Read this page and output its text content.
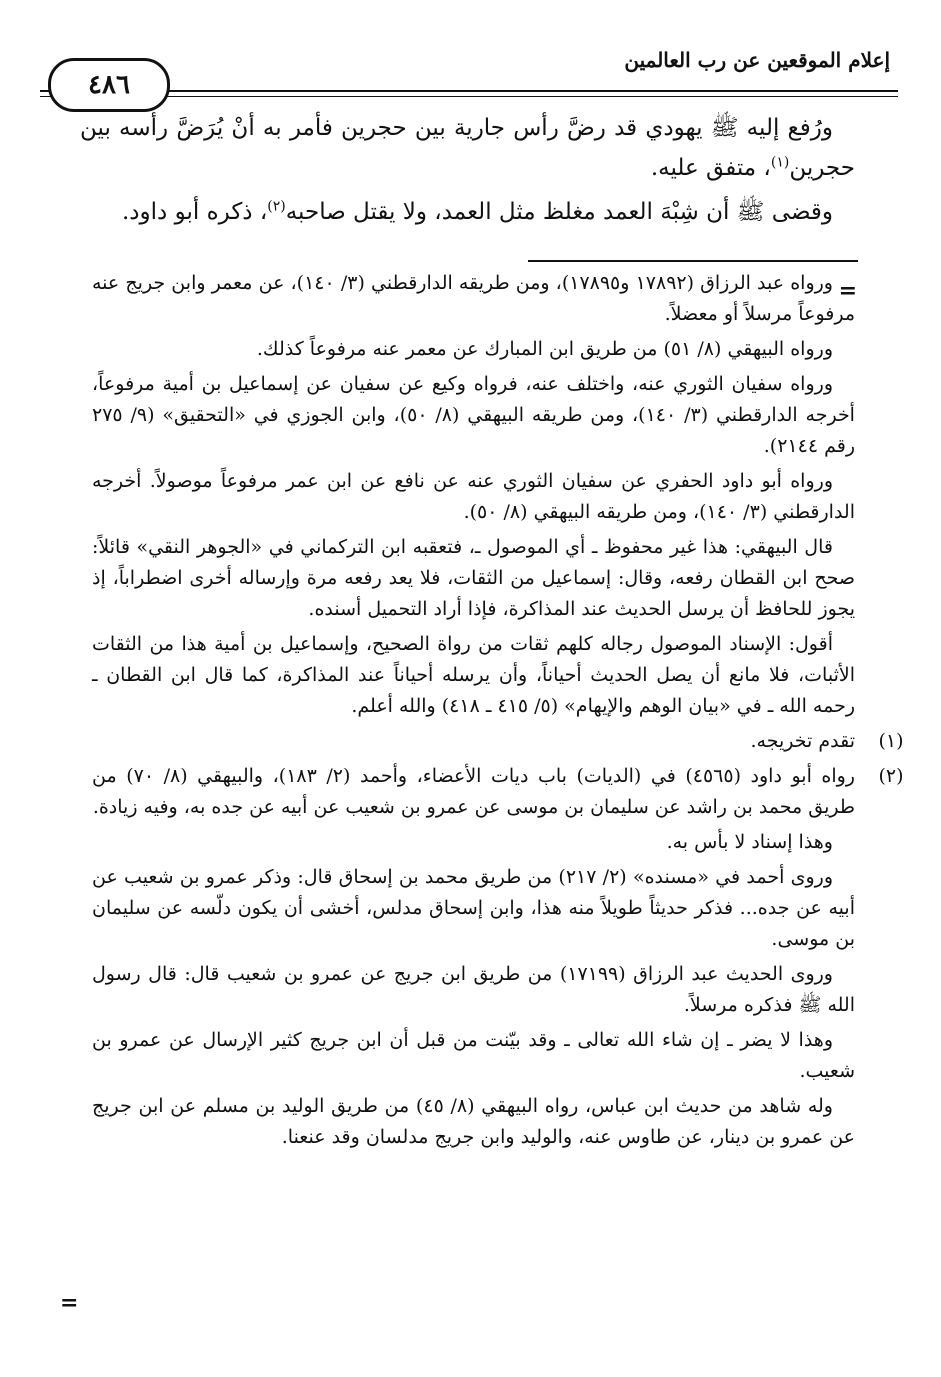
إعلام الموقعين عن رب العالمين
٤٨٦

ورُفع إليه ﷺ يهودي قد رضَّ رأس جارية بين حجرين فأمر به أنْ يُرَضَّ رأسه بين حجرين$^{(١)}$، متفق عليه.

وقضى ﷺ أن شِبْهَ العمد مغلظ مثل العمد، ولا يقتل صاحبه$^{(٢)}$، ذكره أبو داود.

=

ورواه عبد الرزاق (١٧٨٩٢ و١٧٨٩٥)، ومن طريقه الدارقطني (٣/ ١٤٠)، عن معمر وابن جريج عنه مرفوعاً مرسلاً أو معضلاً.

ورواه البيهقي (٨/ ٥١) من طريق ابن المبارك عن معمر عنه مرفوعاً كذلك.

ورواه سفيان الثوري عنه، واختلف عنه، فرواه وكيع عن سفيان عن إسماعيل بن أمية مرفوعاً، أخرجه الدارقطني (٣/ ١٤٠)، ومن طريقه البيهقي (٨/ ٥٠)، وابن الجوزي في «التحقيق» (٩/ ٢٧٥ رقم ٢١٤٤).

ورواه أبو داود الحفري عن سفيان الثوري عنه عن نافع عن ابن عمر مرفوعاً موصولاً. أخرجه الدارقطني (٣/ ١٤٠)، ومن طريقه البيهقي (٨/ ٥٠).

قال البيهقي: هذا غير محفوظ ـ أي الموصول ـ، فتعقبه ابن التركماني في «الجوهر النقي» قائلاً: صحح ابن القطان رفعه، وقال: إسماعيل من الثقات، فلا يعد رفعه مرة وإرساله أخرى اضطراباً، إذ يجوز للحافظ أن يرسل الحديث عند المذاكرة، فإذا أراد التحميل أسنده.

أقول: الإسناد الموصول رجاله كلهم ثقات من رواة الصحيح، وإسماعيل بن أمية هذا من الثقات الأثبات، فلا مانع أن يصل الحديث أحياناً، وأن يرسله أحياناً عند المذاكرة، كما قال ابن القطان ـ رحمه الله ـ في «بيان الوهم والإيهام» (٥/ ٤١٥ ـ ٤١٨) والله أعلم.

(١)

تقدم تخريجه.

(٢)

رواه أبو داود (٤٥٦٥) في (الديات) باب ديات الأعضاء، وأحمد (٢/ ١٨٣)، والبيهقي (٨/ ٧٠) من طريق محمد بن راشد عن سليمان بن موسى عن عمرو بن شعيب عن أبيه عن جده به، وفيه زيادة.

وهذا إسناد لا بأس به.

وروى أحمد في «مسنده» (٢/ ٢١٧) من طريق محمد بن إسحاق قال: وذكر عمرو بن شعيب عن أبيه عن جده... فذكر حديثاً طويلاً منه هذا، وابن إسحاق مدلس، أخشى أن يكون دلّسه عن سليمان بن موسى.

وروى الحديث عبد الرزاق (١٧١٩٩) من طريق ابن جريج عن عمرو بن شعيب قال: قال رسول الله ﷺ فذكره مرسلاً.

وهذا لا يضر ـ إن شاء الله تعالى ـ وقد بيّنت من قبل أن ابن جريج كثير الإرسال عن عمرو بن شعيب.

وله شاهد من حديث ابن عباس، رواه البيهقي (٨/ ٤٥) من طريق الوليد بن مسلم عن ابن جريج عن عمرو بن دينار، عن طاوس عنه، والوليد وابن جريج مدلسان وقد عنعنا.

=
